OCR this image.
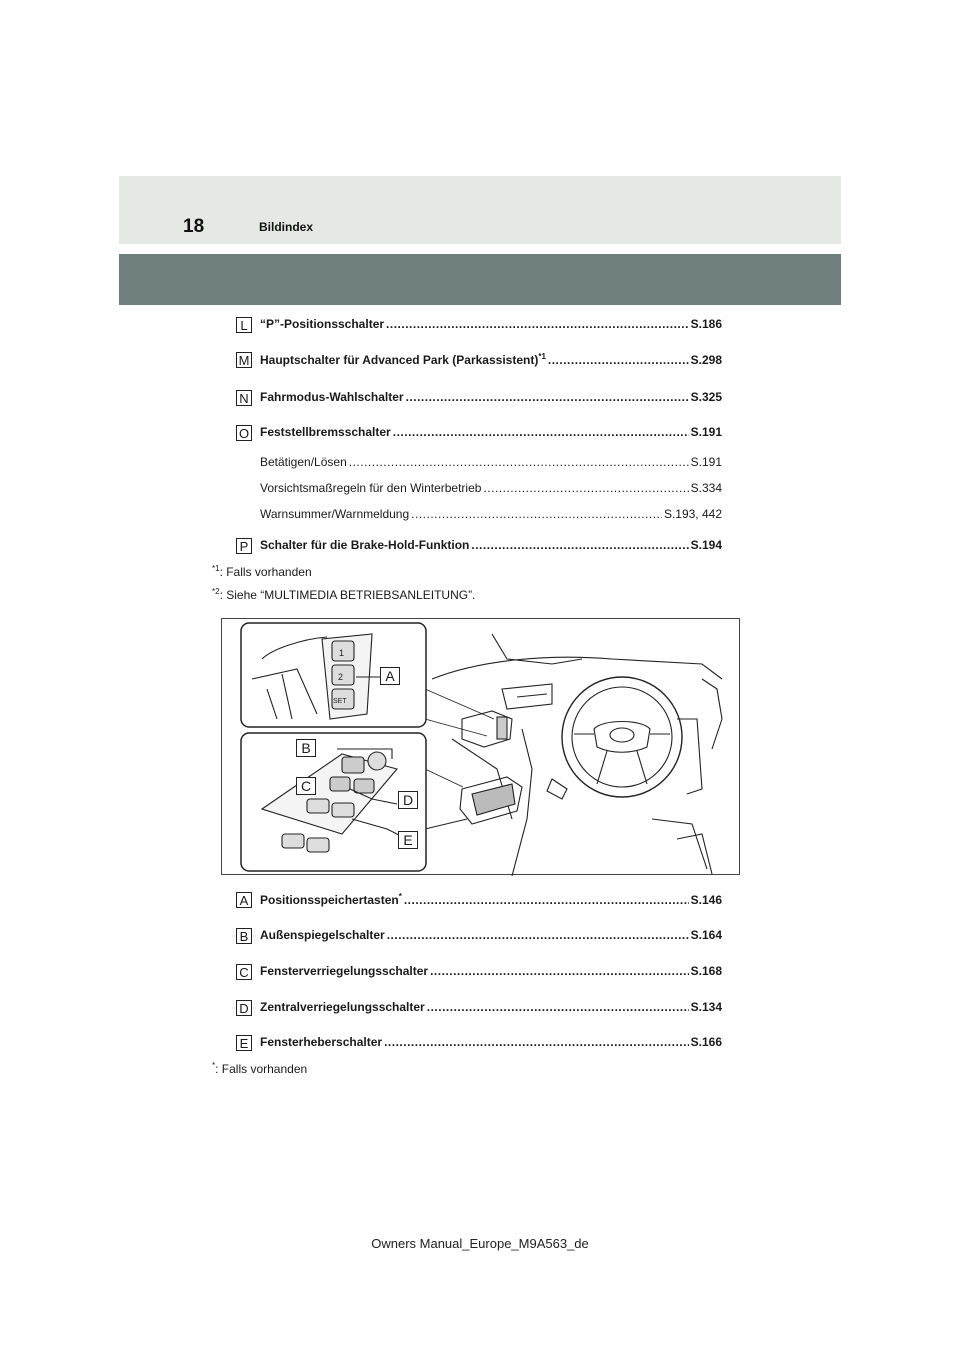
18	Bildindex
L	“P”-Positionsschalter .....	S.186
M Hauptschalter für Advanced Park (Parkassistent)$^{*1}$ .....	S.298
N Fahrmodus-Wahlschalter .....	S.325
O Feststellbremsschalter .....	S.191
Betätigen/Lösen .....	S.191
Vorsichtsmaßregeln für den Winterbetrieb .....	S.334
Warnsummer/Warnmeldung .....	S.193, 442
P Schalter für die Brake-Hold-Funktion .....	S.194
$^{*1}$: Falls vorhanden
$^{*2}$: Siehe “MULTIMEDIA BETRIEBSANLEITUNG”.
1
2
SET
A
B
C
D
E
A Positionsspeichertasten* .....	S.146
B Außenspiegelschalter .....	S.164
C Fensterverriegelungsschalter .....	S.168
D Zentralverriegelungsschalter .....	S.134
E Fensterheberschalter .....	S.166
*: Falls vorhanden
Owners Manual_Europe_M9A563_de
